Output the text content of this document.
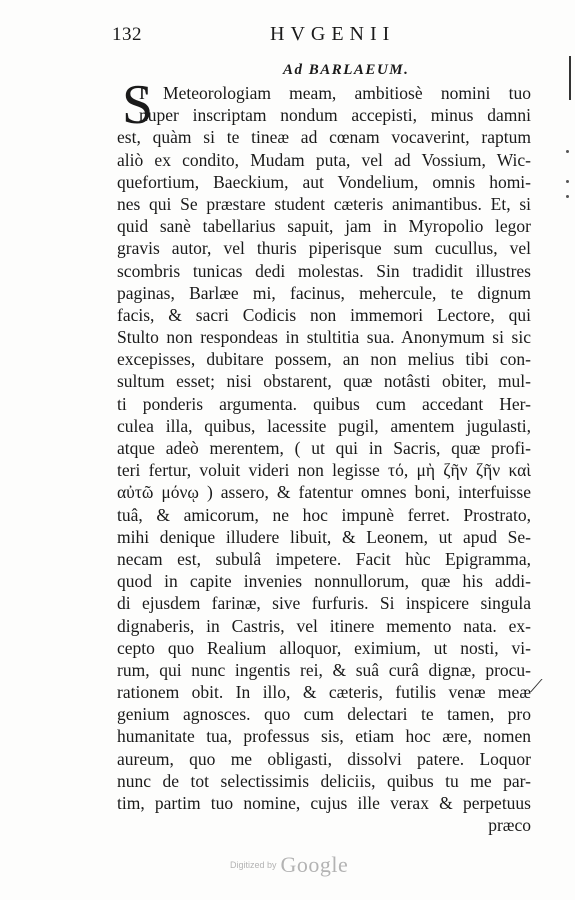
132	HVGENII
Ad BARLAEUM.
S
I Meteorologiam meam, ambitiosè nomini tuo
nuper inscriptam nondum accepisti, minus damni
est, quàm si te tineæ ad cœnam vocaverint, raptum
aliò ex condito, Mudam puta, vel ad Vossium, Wic-
quefortium, Baeckium, aut Vondelium, omnis homi-
nes qui Se præstare student cæteris animantibus. Et, si
quid sanè tabellarius sapuit, jam in Myropolio legor
gravis autor, vel thuris piperisque sum cucullus, vel
scombris tunicas dedi molestas. Sin tradidit illustres
paginas, Barlæe mi, facinus, mehercule, te dignum
facis, & sacri Codicis non immemori Lectore, qui
Stulto non respondeas in stultitia sua. Anonymum si sic
excepisses, dubitare possem, an non melius tibi con-
sultum esset; nisi obstarent, quæ notâsti obiter, mul-
ti ponderis argumenta. quibus cum accedant Her-
culea illa, quibus, lacessite pugil, amentem jugulasti,
atque adeò merentem, ( ut qui in Sacris, quæ profi-
teri fertur, voluit videri non legisse τό, μὴ ζῆν ζῆν καὶ
αὐτῶ μόνῳ ) assero, & fatentur omnes boni, interfuisse
tuâ, & amicorum, ne hoc impunè ferret. Prostrato,
mihi denique illudere libuit, & Leonem, ut apud Se-
necam est, subulâ impetere. Facit hùc Epigramma,
quod in capite invenies nonnullorum, quæ his addi-
di ejusdem farinæ, sive furfuris. Si inspicere singula
dignaberis, in Castris, vel itinere memento nata. ex-
cepto quo Realium alloquor, eximium, ut nosti, vi-
rum, qui nunc ingentis rei, & suâ curâ dignæ, procu-
rationem obit. In illo, & cæteris, futilis venæ meæ
genium agnosces. quo cum delectari te tamen, pro
humanitate tua, professus sis, etiam hoc ære, nomen
aureum, quo me obligasti, dissolvi patere. Loquor
nunc de tot selectissimis deliciis, quibus tu me par-
tim, partim tuo nomine, cujus ille verax & perpetuus
præco
⟋
Digitized by Google
